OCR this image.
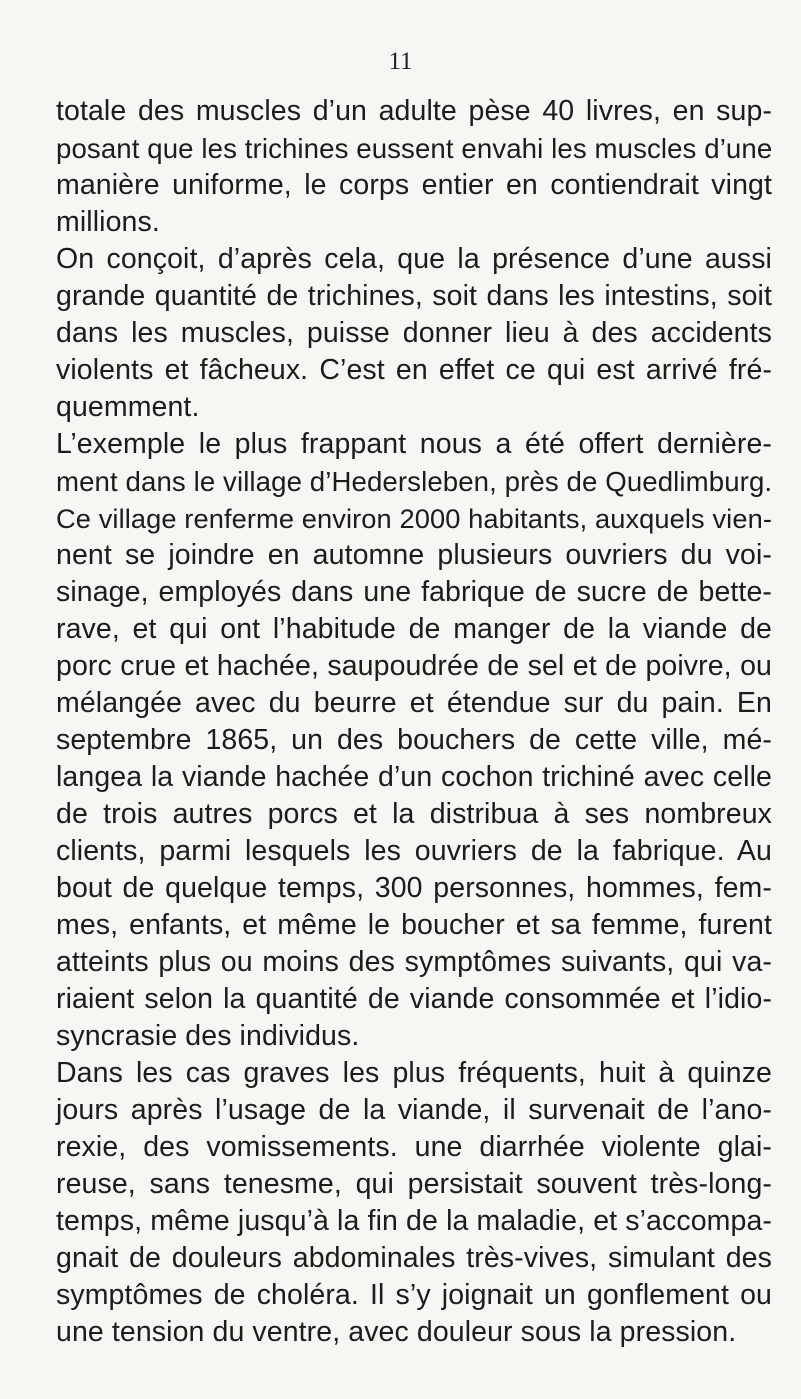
11
totale des muscles d’un adulte pèse 40 livres, en sup-
posant que les trichines eussent envahi les muscles d’une
manière uniforme, le corps entier en contiendrait vingt
millions.
On conçoit, d’après cela, que la présence d’une aussi
grande quantité de trichines, soit dans les intestins, soit
dans les muscles, puisse donner lieu à des accidents
violents et fâcheux. C’est en effet ce qui est arrivé fré-
quemment.
L’exemple le plus frappant nous a été offert dernière-
ment dans le village d’Hedersleben, près de Quedlimburg.
Ce village renferme environ 2000 habitants, auxquels vien-
nent se joindre en automne plusieurs ouvriers du voi-
sinage, employés dans une fabrique de sucre de bette-
rave, et qui ont l’habitude de manger de la viande de
porc crue et hachée, saupoudrée de sel et de poivre, ou
mélangée avec du beurre et étendue sur du pain. En
septembre 1865, un des bouchers de cette ville, mé-
langea la viande hachée d’un cochon trichiné avec celle
de trois autres porcs et la distribua à ses nombreux
clients, parmi lesquels les ouvriers de la fabrique. Au
bout de quelque temps, 300 personnes, hommes, fem-
mes, enfants, et même le boucher et sa femme, furent
atteints plus ou moins des symptômes suivants, qui va-
riaient selon la quantité de viande consommée et l’idio-
syncrasie des individus.
Dans les cas graves les plus fréquents, huit à quinze
jours après l’usage de la viande, il survenait de l’ano-
rexie, des vomissements. une diarrhée violente glai-
reuse, sans tenesme, qui persistait souvent très-long-
temps, même jusqu’à la fin de la maladie, et s’accompa-
gnait de douleurs abdominales très-vives, simulant des
symptômes de choléra. Il s’y joignait un gonflement ou
une tension du ventre, avec douleur sous la pression.
